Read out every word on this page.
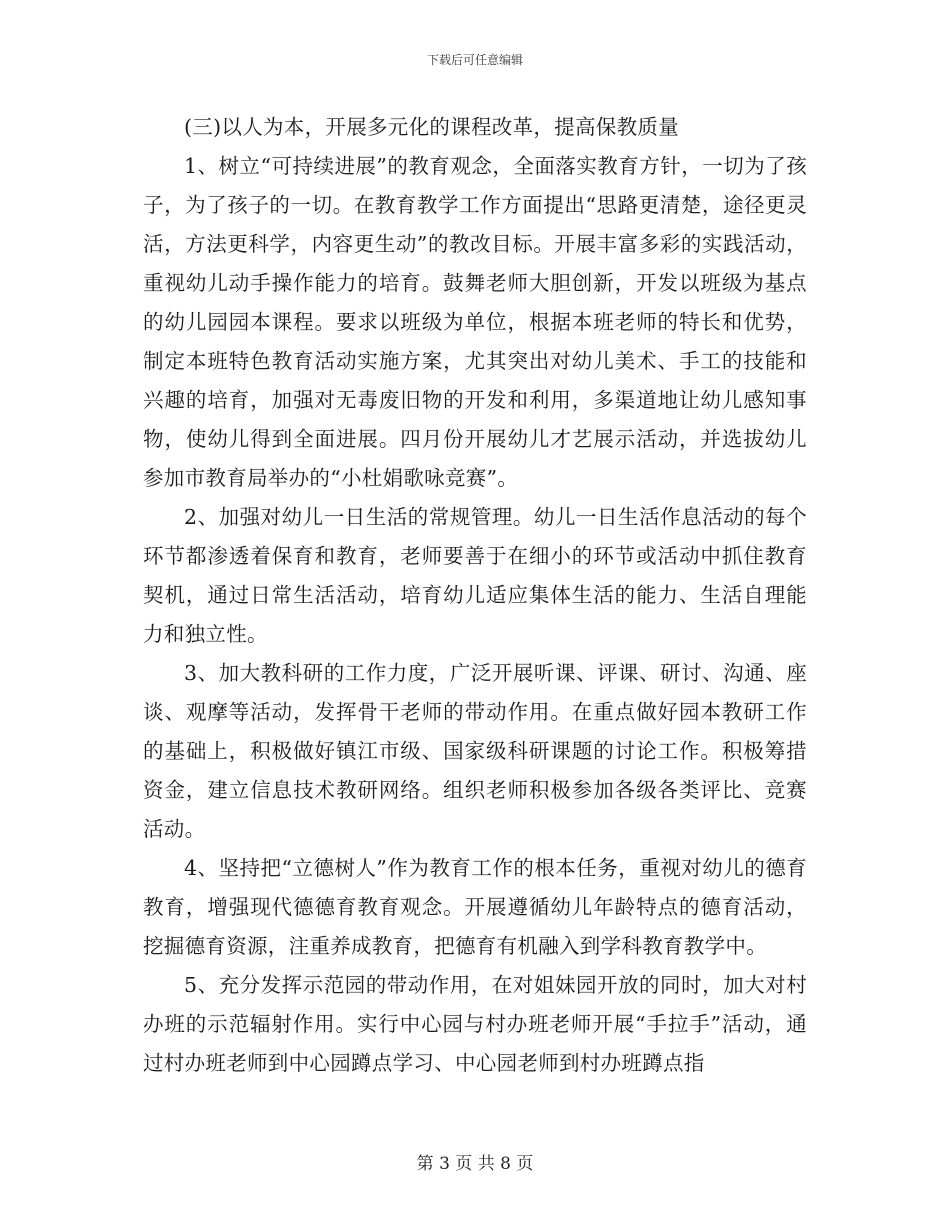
下载后可任意编辑

(三)以人为本，开展多元化的课程改革，提高保教质量

1、树立“可持续进展”的教育观念，全面落实教育方针，一切为了孩子，为了孩子的一切。在教育教学工作方面提出“思路更清楚，途径更灵活，方法更科学，内容更生动”的教改目标。开展丰富多彩的实践活动，重视幼儿动手操作能力的培育。鼓舞老师大胆创新，开发以班级为基点的幼儿园园本课程。要求以班级为单位，根据本班老师的特长和优势，制定本班特色教育活动实施方案，尤其突出对幼儿美术、手工的技能和兴趣的培育，加强对无毒废旧物的开发和利用，多渠道地让幼儿感知事物，使幼儿得到全面进展。四月份开展幼儿才艺展示活动，并选拔幼儿参加市教育局举办的“小杜娟歌咏竞赛”。

2、加强对幼儿一日生活的常规管理。幼儿一日生活作息活动的每个环节都渗透着保育和教育，老师要善于在细小的环节或活动中抓住教育契机，通过日常生活活动，培育幼儿适应集体生活的能力、生活自理能力和独立性。

3、加大教科研的工作力度，广泛开展听课、评课、研讨、沟通、座谈、观摩等活动，发挥骨干老师的带动作用。在重点做好园本教研工作的基础上，积极做好镇江市级、国家级科研课题的讨论工作。积极筹措资金，建立信息技术教研网络。组织老师积极参加各级各类评比、竞赛活动。

4、坚持把“立德树人”作为教育工作的根本任务，重视对幼儿的德育教育，增强现代德德育教育观念。开展遵循幼儿年龄特点的德育活动，挖掘德育资源，注重养成教育，把德育有机融入到学科教育教学中。

5、充分发挥示范园的带动作用，在对姐妹园开放的同时，加大对村办班的示范辐射作用。实行中心园与村办班老师开展“手拉手”活动，通过村办班老师到中心园蹲点学习、中心园老师到村办班蹲点指

第 3 页 共 8 页
